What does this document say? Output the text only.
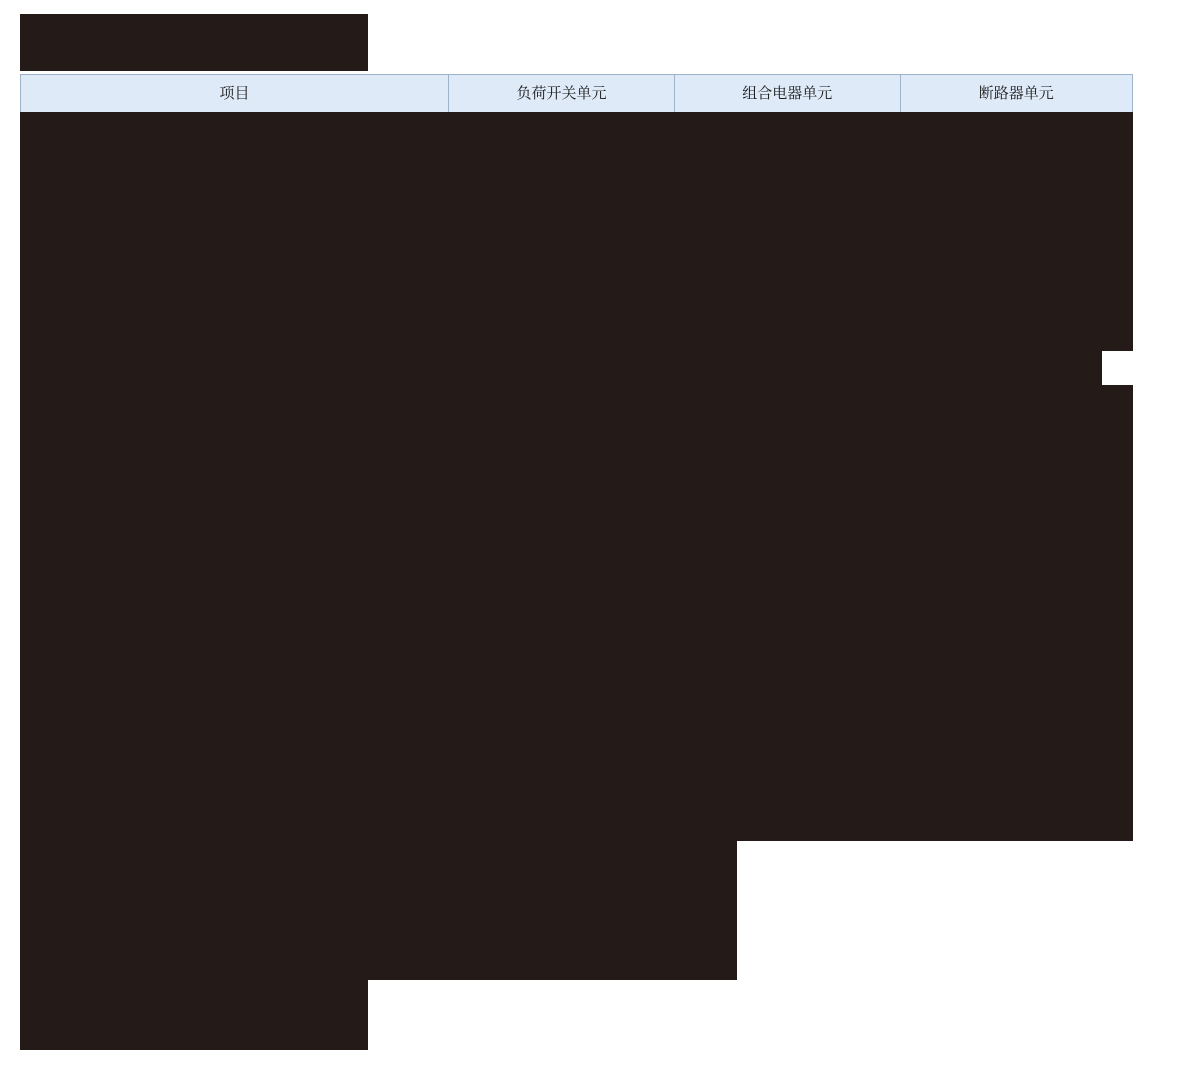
项目	负荷开关单元	组合电器单元	断路器单元
